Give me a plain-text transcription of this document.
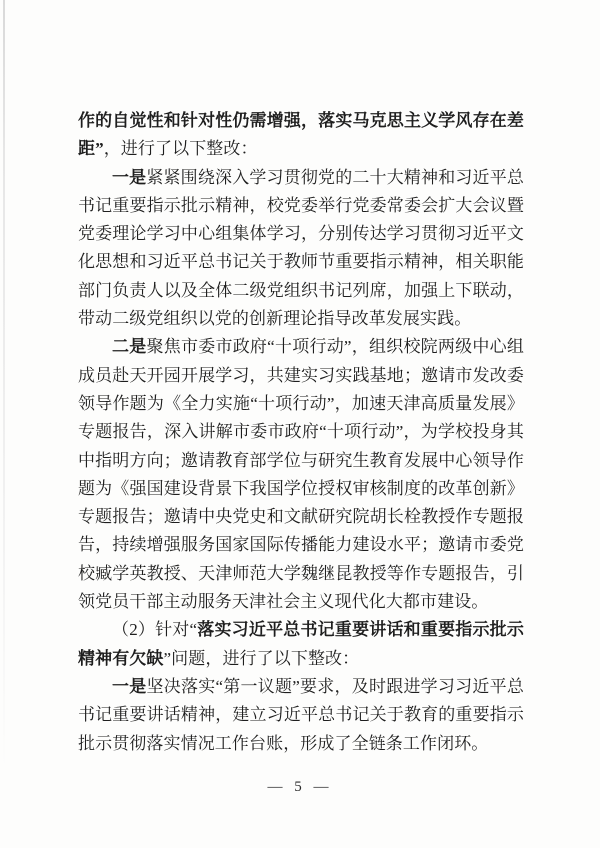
作的自觉性和针对性仍需增强，落实马克思主义学风存在差距”，进行了以下整改：

一是紧紧围绕深入学习贯彻党的二十大精神和习近平总书记重要指示批示精神，校党委举行党委常委会扩大会议暨党委理论学习中心组集体学习，分别传达学习贯彻习近平文化思想和习近平总书记关于教师节重要指示精神，相关职能部门负责人以及全体二级党组织书记列席，加强上下联动，带动二级党组织以党的创新理论指导改革发展实践。

二是聚焦市委市政府“十项行动”，组织校院两级中心组成员赴天开园开展学习，共建实习实践基地；邀请市发改委领导作题为《全力实施“十项行动”，加速天津高质量发展》专题报告，深入讲解市委市政府“十项行动”，为学校投身其中指明方向；邀请教育部学位与研究生教育发展中心领导作题为《强国建设背景下我国学位授权审核制度的改革创新》专题报告；邀请中央党史和文献研究院胡长栓教授作专题报告，持续增强服务国家国际传播能力建设水平；邀请市委党校臧学英教授、天津师范大学魏继昆教授等作专题报告，引领党员干部主动服务天津社会主义现代化大都市建设。

（2）针对“落实习近平总书记重要讲话和重要指示批示精神有欠缺”问题，进行了以下整改：

一是坚决落实“第一议题”要求，及时跟进学习习近平总书记重要讲话精神，建立习近平总书记关于教育的重要指示批示贯彻落实情况工作台账，形成了全链条工作闭环。

— 5 —
